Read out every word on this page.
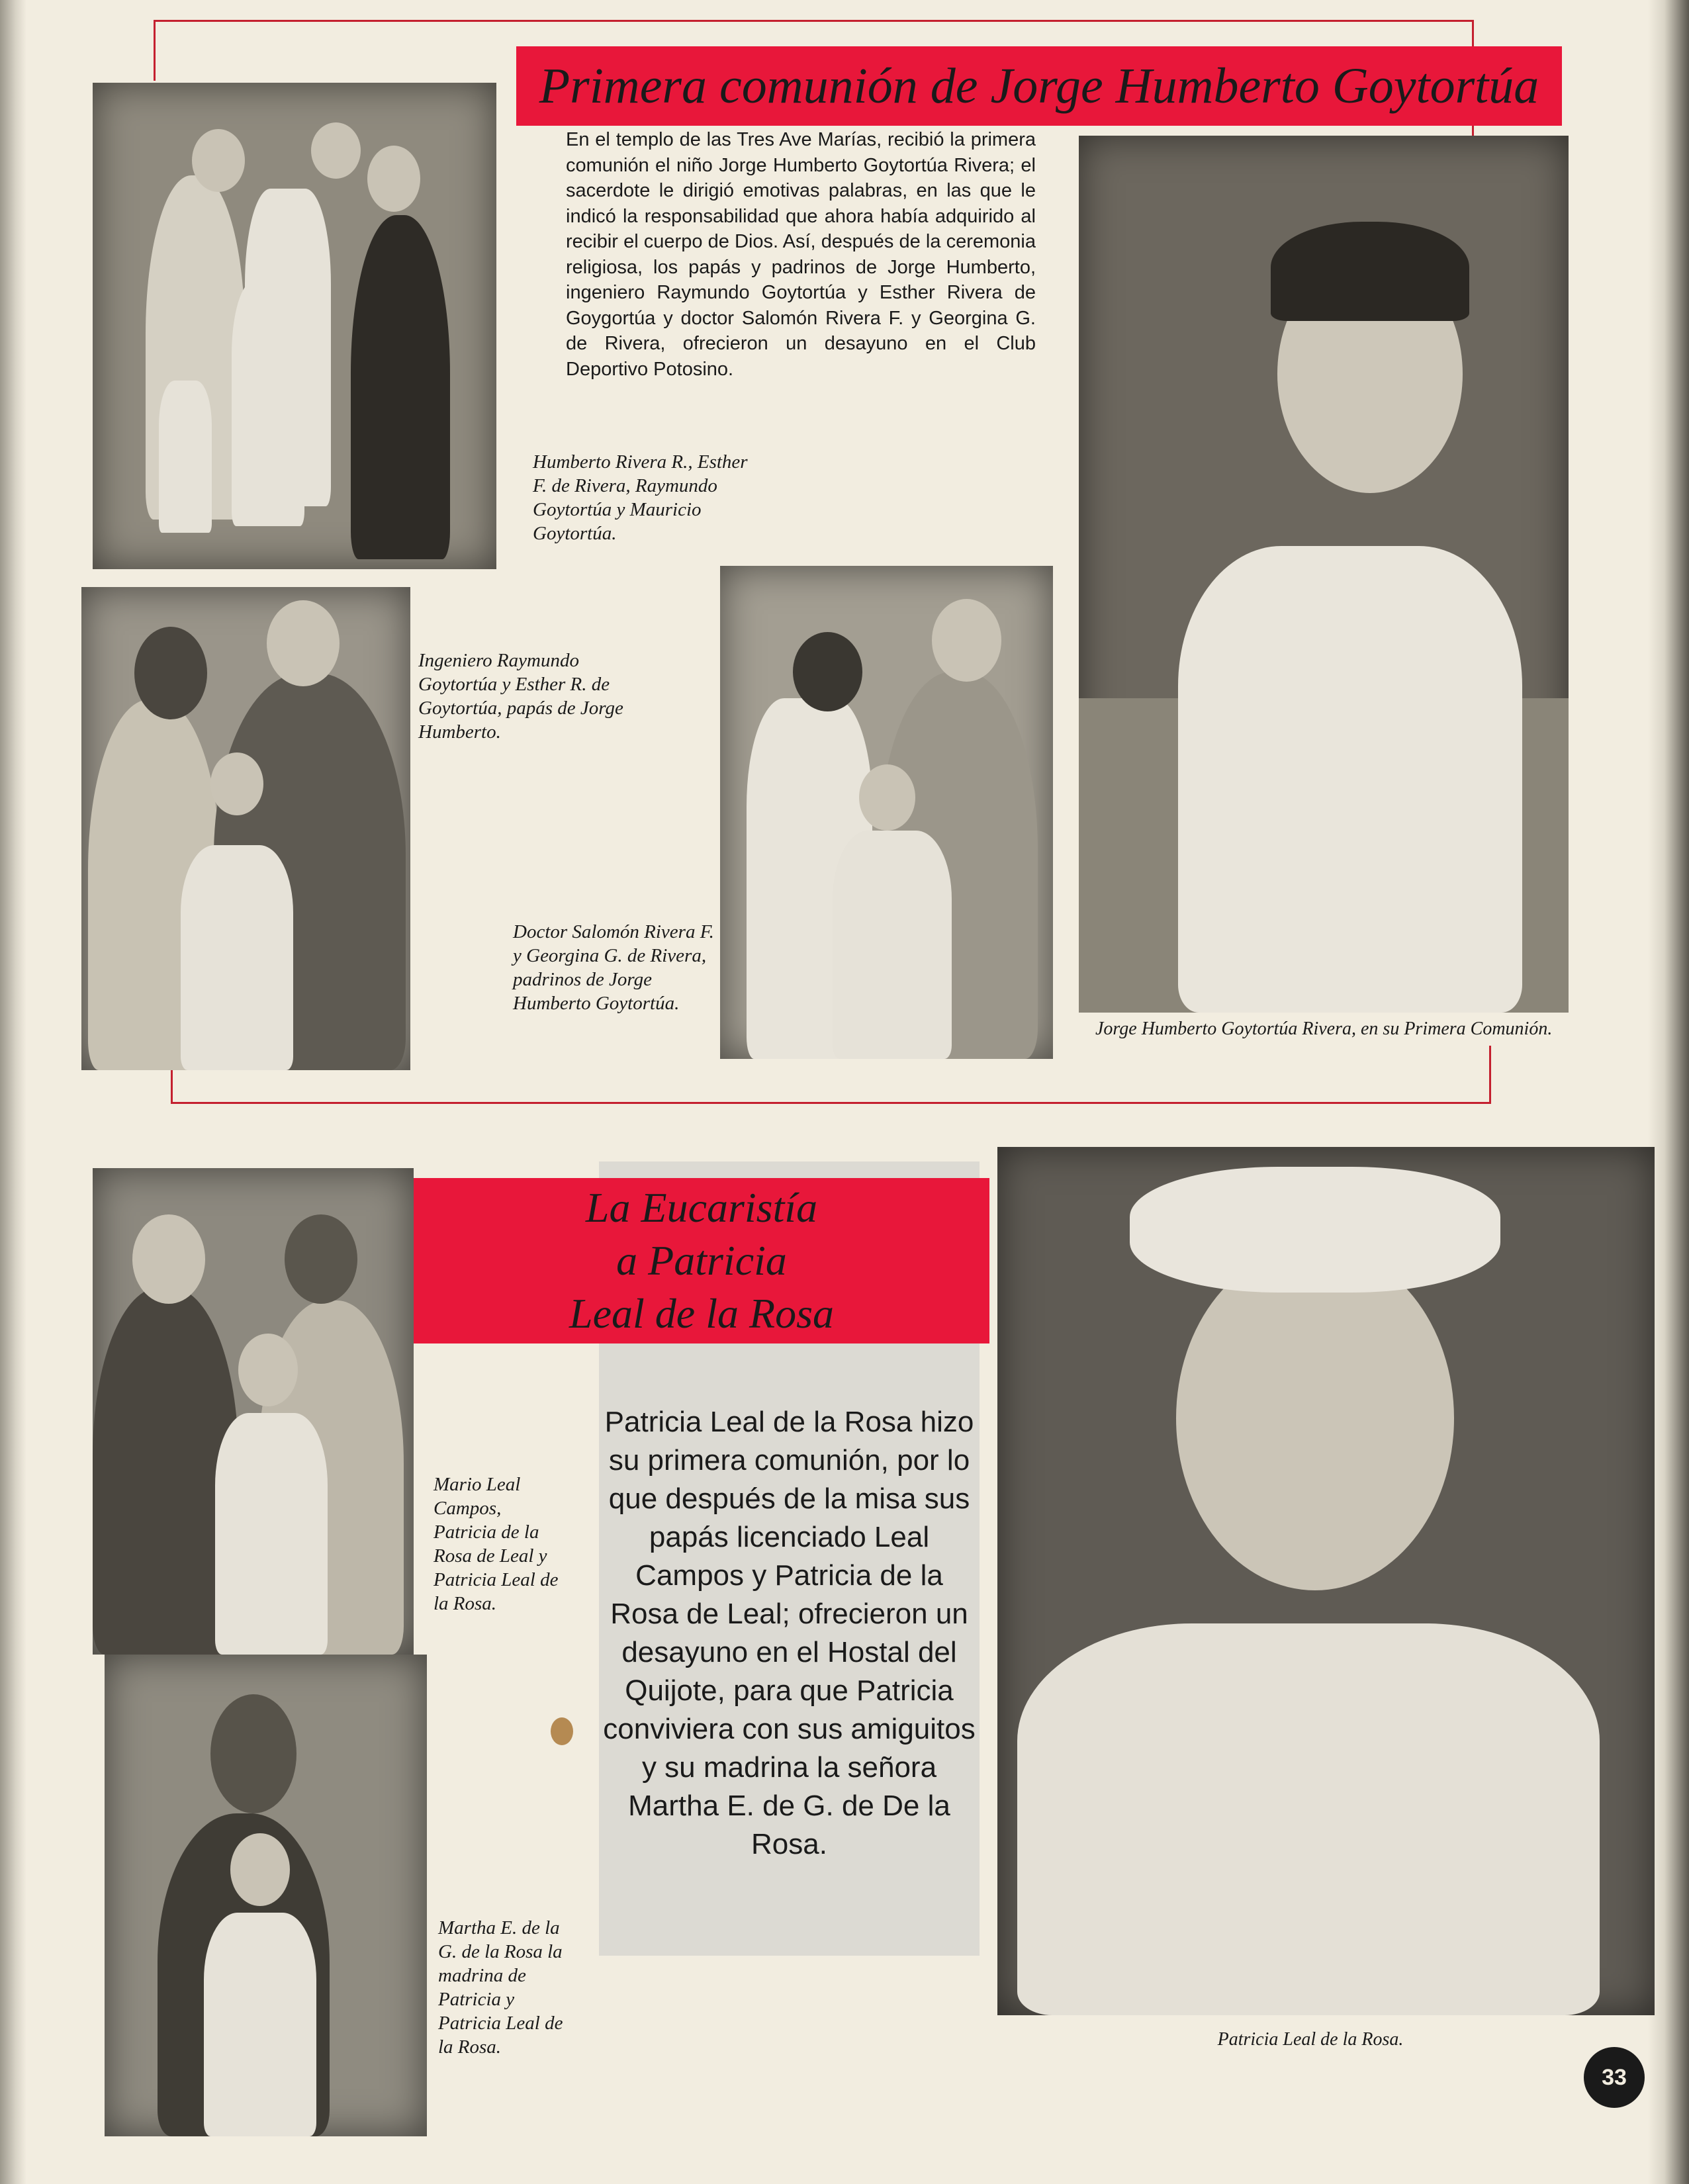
Primera comunión de Jorge Humberto Goytortúa
En el templo de las Tres Ave Marías, recibió la primera comunión el niño Jorge Humberto Goytortúa Rivera; el sacerdote le dirigió emotivas palabras, en las que le indicó la responsabilidad que ahora había adquirido al recibir el cuerpo de Dios. Así, después de la ceremonia religiosa, los papás y padrinos de Jorge Humberto, ingeniero Raymundo Goytortúa y Esther Rivera de Goygortúa y doctor Salomón Rivera F. y Georgina G. de Rivera, ofrecieron un desayuno en el Club Deportivo Potosino.
Humberto Rivera R., Esther F. de Rivera, Raymundo Goytortúa y Mauricio Goytortúa.
Ingeniero Raymundo Goytortúa y Esther R. de Goytortúa, papás de Jorge Humberto.
Doctor Salomón Rivera F. y Georgina G. de Rivera, padrinos de Jorge Humberto Goytortúa.
Jorge Humberto Goytortúa Rivera, en su Primera Comunión.
La Eucaristía
a Patricia
Leal de la Rosa
Patricia Leal de la Rosa hizo su primera comunión, por lo que después de la misa sus papás licenciado Leal Campos y Patricia de la Rosa de Leal; ofrecieron un desayuno en el Hostal del Quijote, para que Patricia conviviera con sus amiguitos y su madrina la señora Martha E. de G. de De la Rosa.
Mario Leal Campos, Patricia de la Rosa de Leal y Patricia Leal de la Rosa.
Martha E. de la G. de la Rosa la madrina de Patricia y Patricia Leal de la Rosa.	Patricia Leal de la Rosa.
33
